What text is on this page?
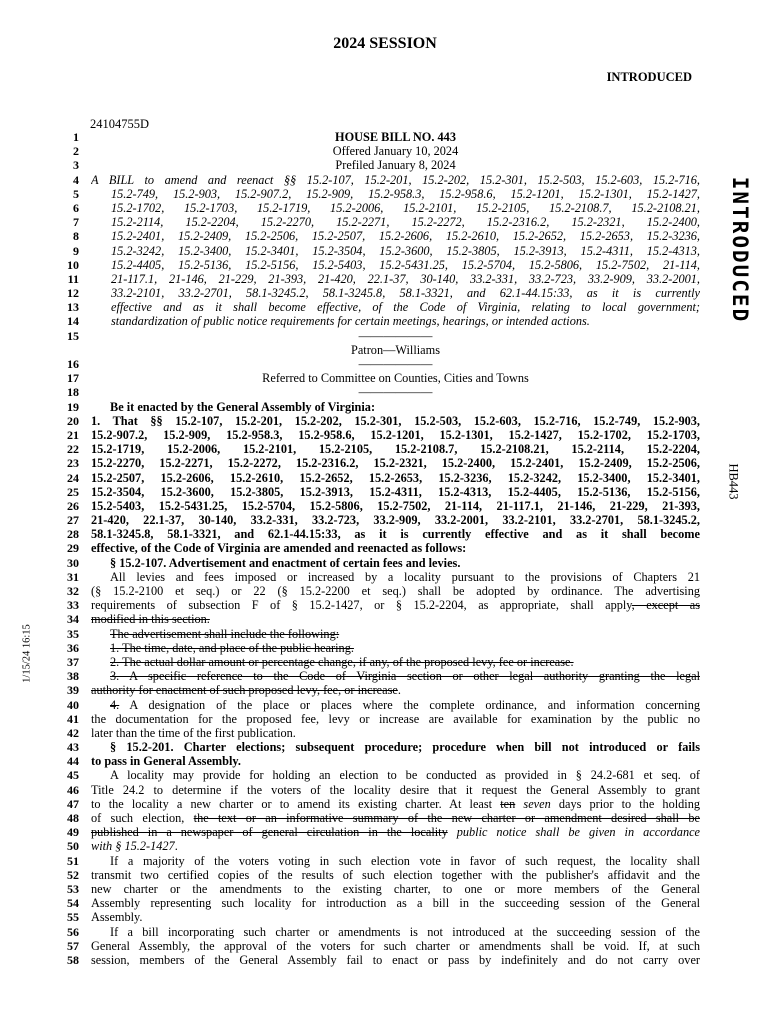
2024 SESSION
INTRODUCED
24104755D
INTRODUCED
HB443
1/15/24 16:15
1	HOUSE BILL NO. 443
2	Offered January 10, 2024
3	Prefiled January 8, 2024
4 A BILL to amend and reenact §§ 15.2-107, 15.2-201, 15.2-202, 15.2-301, 15.2-503, 15.2-603, 15.2-716,
5	15.2-749, 15.2-903, 15.2-907.2, 15.2-909, 15.2-958.3, 15.2-958.6, 15.2-1201, 15.2-1301, 15.2-1427,
6	15.2-1702, 15.2-1703, 15.2-1719, 15.2-2006, 15.2-2101, 15.2-2105, 15.2-2108.7, 15.2-2108.21,
7	15.2-2114, 15.2-2204, 15.2-2270, 15.2-2271, 15.2-2272, 15.2-2316.2, 15.2-2321, 15.2-2400,
8	15.2-2401, 15.2-2409, 15.2-2506, 15.2-2507, 15.2-2606, 15.2-2610, 15.2-2652, 15.2-2653, 15.2-3236,
9	15.2-3242, 15.2-3400, 15.2-3401, 15.2-3504, 15.2-3600, 15.2-3805, 15.2-3913, 15.2-4311, 15.2-4313,
10	15.2-4405, 15.2-5136, 15.2-5156, 15.2-5403, 15.2-5431.25, 15.2-5704, 15.2-5806, 15.2-7502, 21-114,
11	21-117.1, 21-146, 21-229, 21-393, 21-420, 22.1-37, 30-140, 33.2-331, 33.2-723, 33.2-909, 33.2-2001,
12	33.2-2101, 33.2-2701, 58.1-3245.2, 58.1-3245.8, 58.1-3321, and 62.1-44.15:33, as it is currently
13	effective and as it shall become effective, of the Code of Virginia, relating to local government;
14	standardization of public notice requirements for certain meetings, hearings, or intended actions.
15	——————
Patron—Williams
16	——————
17	Referred to Committee on Counties, Cities and Towns
18	——————
19	Be it enacted by the General Assembly of Virginia:
20 1. That §§ 15.2-107, 15.2-201, 15.2-202, 15.2-301, 15.2-503, 15.2-603, 15.2-716, 15.2-749, 15.2-903,
21 15.2-907.2, 15.2-909, 15.2-958.3, 15.2-958.6, 15.2-1201, 15.2-1301, 15.2-1427, 15.2-1702, 15.2-1703,
22 15.2-1719, 15.2-2006, 15.2-2101, 15.2-2105, 15.2-2108.7, 15.2-2108.21, 15.2-2114, 15.2-2204,
23 15.2-2270, 15.2-2271, 15.2-2272, 15.2-2316.2, 15.2-2321, 15.2-2400, 15.2-2401, 15.2-2409, 15.2-2506,
24 15.2-2507, 15.2-2606, 15.2-2610, 15.2-2652, 15.2-2653, 15.2-3236, 15.2-3242, 15.2-3400, 15.2-3401,
25 15.2-3504, 15.2-3600, 15.2-3805, 15.2-3913, 15.2-4311, 15.2-4313, 15.2-4405, 15.2-5136, 15.2-5156,
26 15.2-5403, 15.2-5431.25, 15.2-5704, 15.2-5806, 15.2-7502, 21-114, 21-117.1, 21-146, 21-229, 21-393,
27 21-420, 22.1-37, 30-140, 33.2-331, 33.2-723, 33.2-909, 33.2-2001, 33.2-2101, 33.2-2701, 58.1-3245.2,
28 58.1-3245.8, 58.1-3321, and 62.1-44.15:33, as it is currently effective and as it shall become
29 effective, of the Code of Virginia are amended and reenacted as follows:
30	§ 15.2-107. Advertisement and enactment of certain fees and levies.
31	All levies and fees imposed or increased by a locality pursuant to the provisions of Chapters 21
32 (§ 15.2-2100 et seq.) or 22 (§ 15.2-2200 et seq.) shall be adopted by ordinance. The advertising
33 requirements of subsection F of § 15.2-1427, or § 15.2-2204, as appropriate, shall apply, except as
34 modified in this section.
35	The advertisement shall include the following:
36	1. The time, date, and place of the public hearing.
37	2. The actual dollar amount or percentage change, if any, of the proposed levy, fee or increase.
38	3. A specific reference to the Code of Virginia section or other legal authority granting the legal
39 authority for enactment of such proposed levy, fee, or increase.
40	4. A designation of the place or places where the complete ordinance, and information concerning
41 the documentation for the proposed fee, levy or increase are available for examination by the public no
42 later than the time of the first publication.
43	§ 15.2-201. Charter elections; subsequent procedure; procedure when bill not introduced or fails
44 to pass in General Assembly.
45	A locality may provide for holding an election to be conducted as provided in § 24.2-681 et seq. of
46 Title 24.2 to determine if the voters of the locality desire that it request the General Assembly to grant
47 to the locality a new charter or to amend its existing charter. At least ten seven days prior to the holding
48 of such election, the text or an informative summary of the new charter or amendment desired shall be
49 published in a newspaper of general circulation in the locality public notice shall be given in accordance
50 with § 15.2-1427.
51	If a majority of the voters voting in such election vote in favor of such request, the locality shall
52 transmit two certified copies of the results of such election together with the publisher's affidavit and the
53 new charter or the amendments to the existing charter, to one or more members of the General
54 Assembly representing such locality for introduction as a bill in the succeeding session of the General
55 Assembly.
56	If a bill incorporating such charter or amendments is not introduced at the succeeding session of the
57 General Assembly, the approval of the voters for such charter or amendments shall be void. If, at such
58 session, members of the General Assembly fail to enact or pass by indefinitely and do not carry over
